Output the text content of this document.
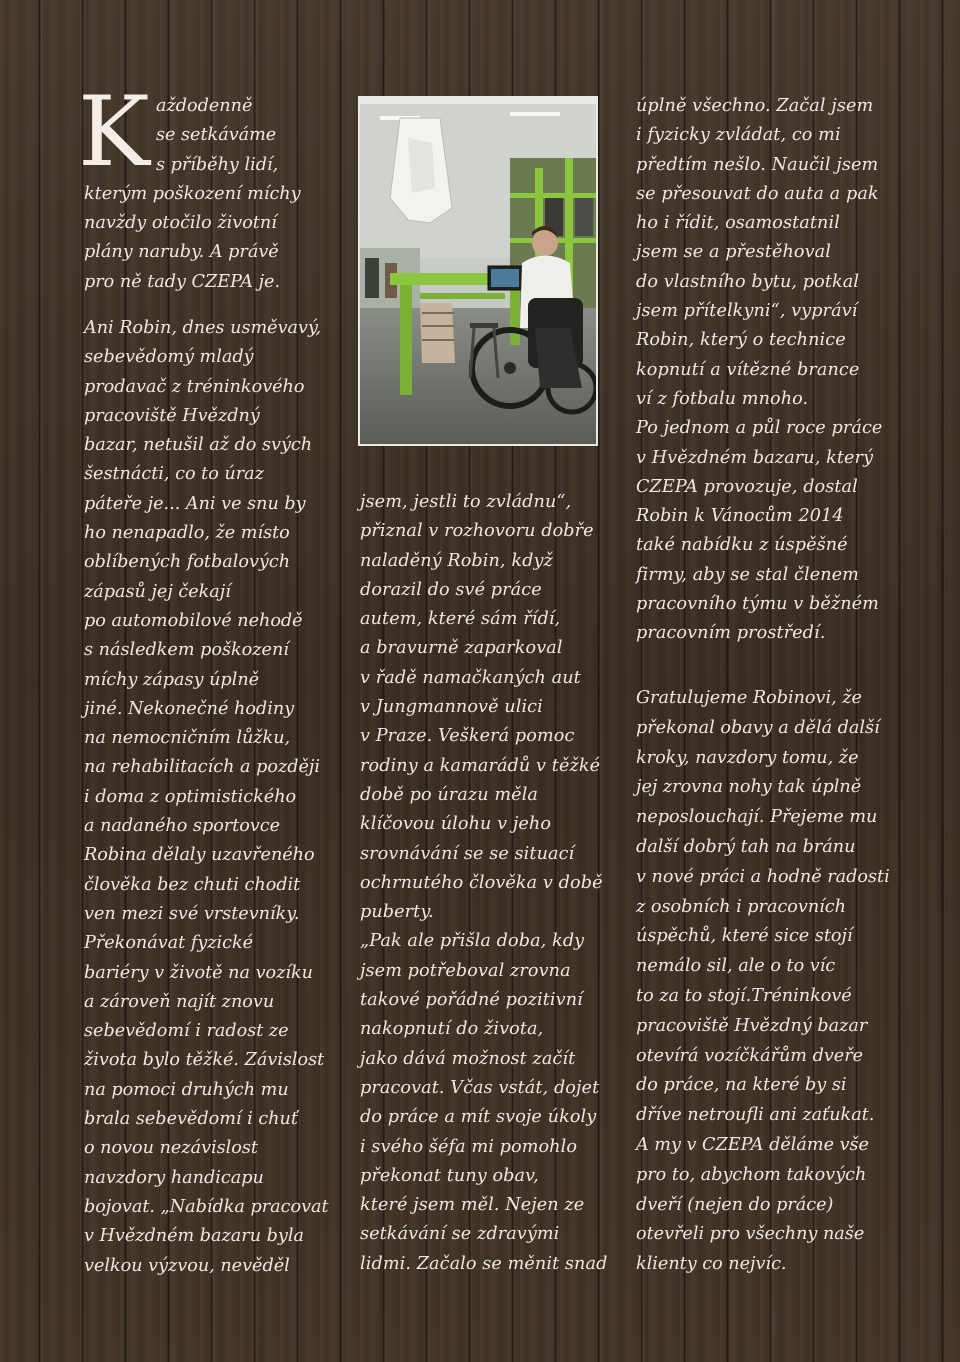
K aždodenně
se setkáváme
s příběhy lidí,
kterým poškození míchy
navždy otočilo životní
plány naruby. A právě
pro ně tady CZEPA je.
Ani Robin, dnes usměvavý,
sebevědomý mladý
prodavač z tréninkového
pracoviště Hvězdný
bazar, netušil až do svých
šestnácti, co to úraz
páteře je... Ani ve snu by
ho nenapadlo, že místo
oblíbených fotbalových
zápasů jej čekají
po automobilové nehodě
s následkem poškození
míchy zápasy úplně
jiné. Nekonečné hodiny
na nemocničním lůžku,
na rehabilitacích a později
i doma z optimistického
a nadaného sportovce
Robina dělaly uzavřeného
člověka bez chuti chodit
ven mezi své vrstevníky.
Překonávat fyzické
bariéry v životě na vozíku
a zároveň najít znovu
sebevědomí i radost ze
života bylo těžké. Závislost
na pomoci druhých mu
brala sebevědomí i chuť
o novou nezávislost
navzdory handicapu
bojovat. „Nabídka pracovat
v Hvězdném bazaru byla
velkou výzvou, nevěděl
jsem, jestli to zvládnu“,
přiznal v rozhovoru dobře
naladěný Robin, když
dorazil do své práce
autem, které sám řídí,
a bravurně zaparkoval
v řadě namačkaných aut
v Jungmannově ulici
v Praze. Veškerá pomoc
rodiny a kamarádů v těžké
době po úrazu měla
klíčovou úlohu v jeho
srovnávání se se situací
ochrnutého člověka v době
puberty.
„Pak ale přišla doba, kdy
jsem potřeboval zrovna
takové pořádné pozitivní
nakopnutí do života,
jako dává možnost začít
pracovat. Včas vstát, dojet
do práce a mít svoje úkoly
i svého šéfa mi pomohlo
překonat tuny obav,
které jsem měl. Nejen ze
setkávání se zdravými
lidmi. Začalo se měnit snad
úplně všechno. Začal jsem
i fyzicky zvládat, co mi
předtím nešlo. Naučil jsem
se přesouvat do auta a pak
ho i řídit, osamostatnil
jsem se a přestěhoval
do vlastního bytu, potkal
jsem přítelkyni“, vypráví
Robin, který o technice
kopnutí a vítězné brance
ví z fotbalu mnoho.
Po jednom a půl roce práce
v Hvězdném bazaru, který
CZEPA provozuje, dostal
Robin k Vánocům 2014
také nabídku z úspěšné
firmy, aby se stal členem
pracovního týmu v běžném
pracovním prostředí.
Gratulujeme Robinovi, že
překonal obavy a dělá další
kroky, navzdory tomu, že
jej zrovna nohy tak úplně
neposlouchají. Přejeme mu
další dobrý tah na bránu
v nové práci a hodně radosti
z osobních i pracovních
úspěchů, které sice stojí
nemálo sil, ale o to víc
to za to stojí.Tréninkové
pracoviště Hvězdný bazar
otevírá vozíčkářům dveře
do práce, na které by si
dříve netroufli ani zaťukat.
A my v CZEPA děláme vše
pro to, abychom takových
dveří (nejen do práce)
otevřeli pro všechny naše
klienty co nejvíc.
